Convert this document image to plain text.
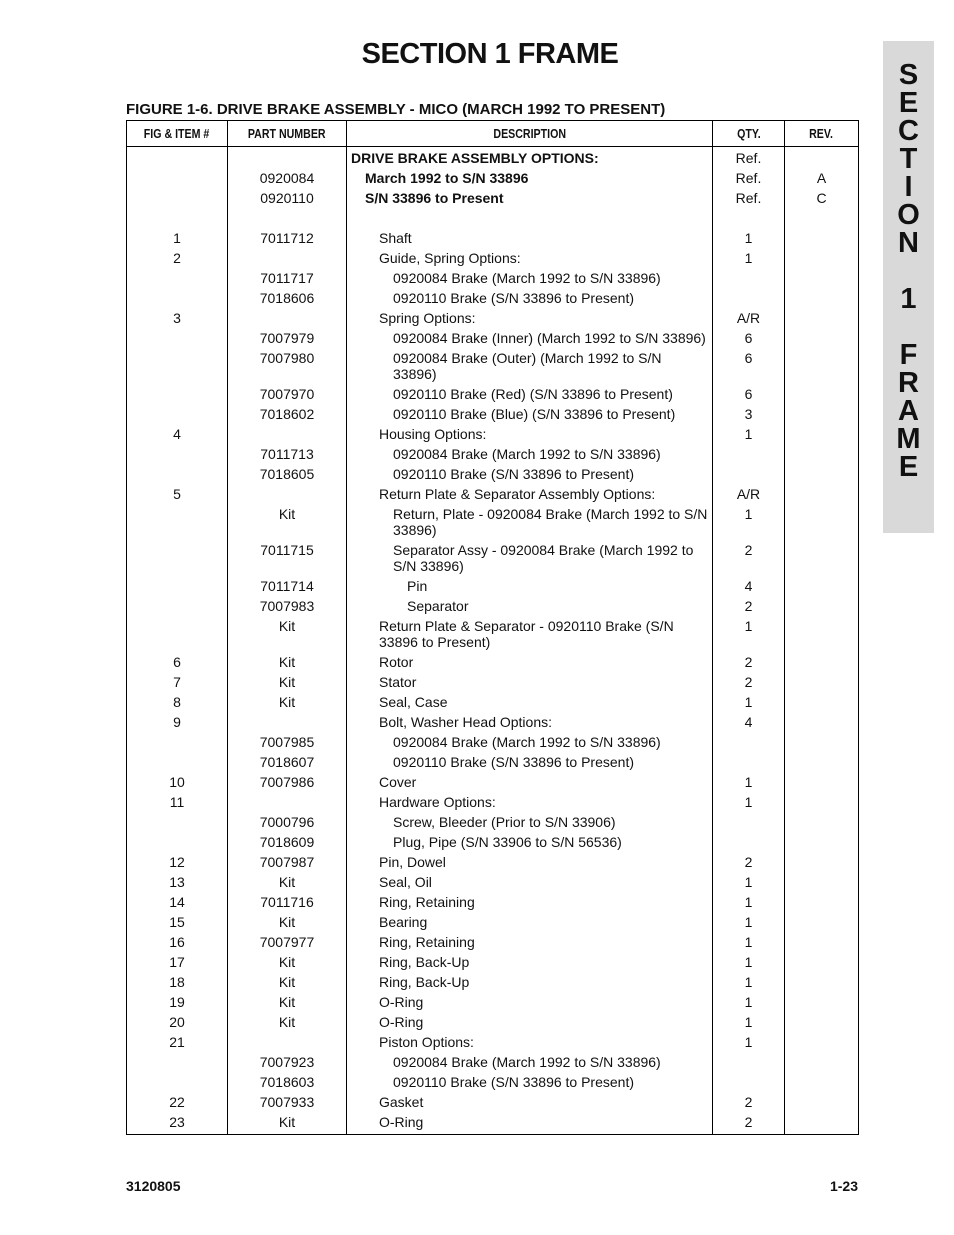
SECTION 1 FRAME
S
E
C
T
I
O
N
1
F
R
A
M
E
FIGURE 1-6. DRIVE BRAKE ASSEMBLY - MICO (MARCH 1992 TO PRESENT)
FIG & ITEM #	PART NUMBER	DESCRIPTION	QTY.	REV.
		DRIVE BRAKE ASSEMBLY OPTIONS:	Ref.	
	0920084	March 1992 to S/N 33896	Ref.	A
	0920110	S/N 33896 to Present	Ref.	C

1	7011712	Shaft	1	
2		Guide, Spring Options:	1	
	7011717	0920084 Brake (March 1992 to S/N 33896)		
	7018606	0920110 Brake (S/N 33896 to Present)		
3		Spring Options:	A/R	
	7007979	0920084 Brake (Inner) (March 1992 to S/N 33896)	6	
	7007980	0920084 Brake (Outer) (March 1992 to S/N 33896)	6	
	7007970	0920110 Brake (Red) (S/N 33896 to Present)	6	
	7018602	0920110 Brake (Blue) (S/N 33896 to Present)	3	
4		Housing Options:	1	
	7011713	0920084 Brake (March 1992 to S/N 33896)		
	7018605	0920110 Brake (S/N 33896 to Present)		
5		Return Plate & Separator Assembly Options:	A/R	
	Kit	Return, Plate - 0920084 Brake (March 1992 to S/N 33896)	1	
	7011715	Separator Assy - 0920084 Brake (March 1992 to S/N 33896)	2	
	7011714	Pin	4	
	7007983	Separator	2	
	Kit	Return Plate & Separator - 0920110 Brake (S/N 33896 to Present)	1	
6	Kit	Rotor	2	
7	Kit	Stator	2	
8	Kit	Seal, Case	1	
9		Bolt, Washer Head Options:	4	
	7007985	0920084 Brake (March 1992 to S/N 33896)		
	7018607	0920110 Brake (S/N 33896 to Present)		
10	7007986	Cover	1	
11		Hardware Options:	1	
	7000796	Screw, Bleeder (Prior to S/N 33906)		
	7018609	Plug, Pipe (S/N 33906 to S/N 56536)		
12	7007987	Pin, Dowel	2	
13	Kit	Seal, Oil	1	
14	7011716	Ring, Retaining	1	
15	Kit	Bearing	1	
16	7007977	Ring, Retaining	1	
17	Kit	Ring, Back-Up	1	
18	Kit	Ring, Back-Up	1	
19	Kit	O-Ring	1	
20	Kit	O-Ring	1	
21		Piston Options:	1	
	7007923	0920084 Brake (March 1992 to S/N 33896)		
	7018603	0920110 Brake (S/N 33896 to Present)		
22	7007933	Gasket	2	
23	Kit	O-Ring	2	
3120805	1-23
